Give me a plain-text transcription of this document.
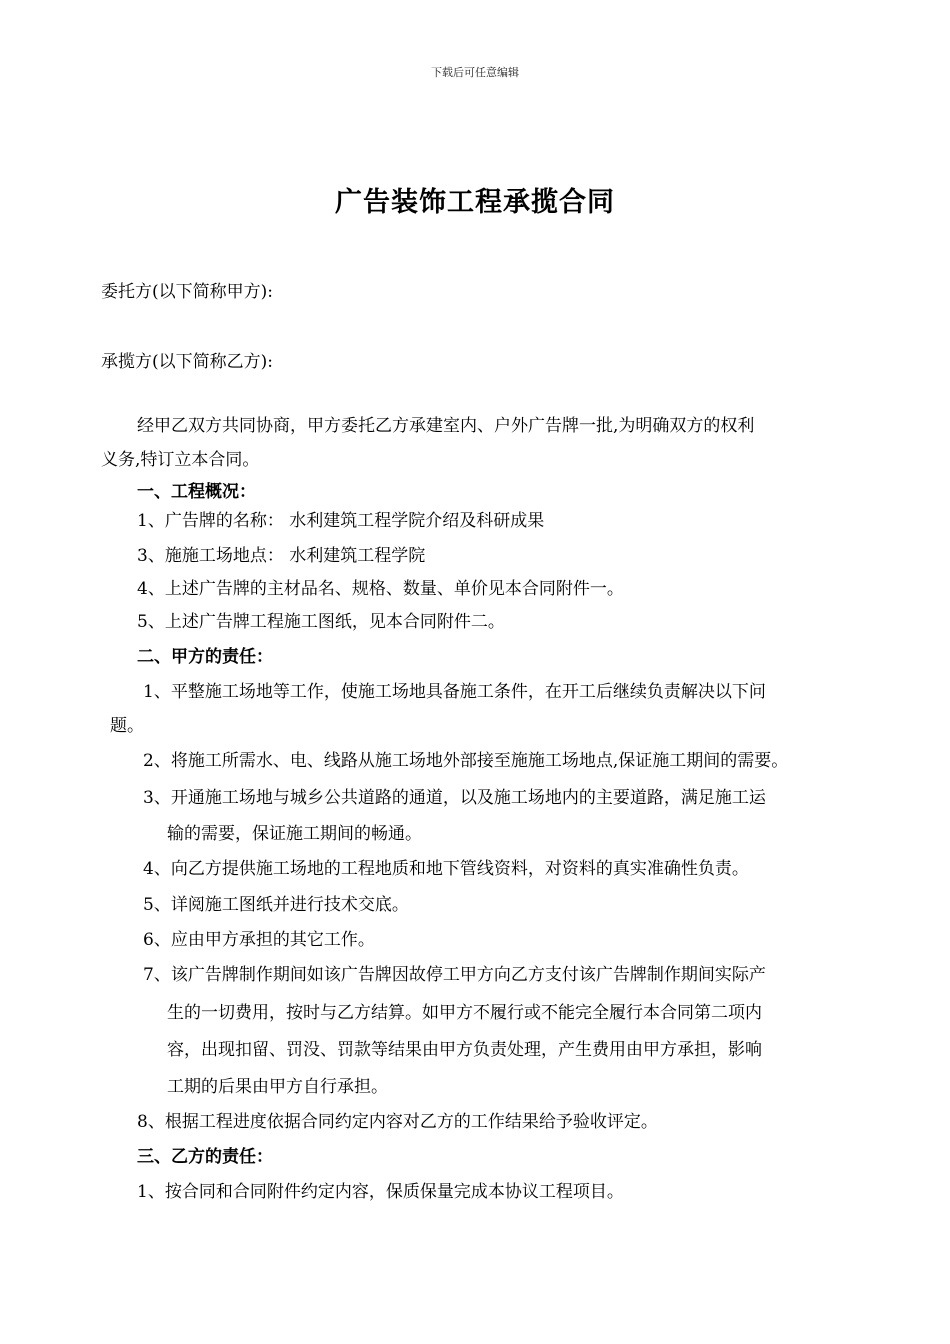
下载后可任意编辑
广告装饰工程承揽合同
委托方(以下简称甲方):
承揽方(以下简称乙方):
经甲乙双方共同协商，甲方委托乙方承建室内、户外广告牌一批,为明确双方的权利
义务,特订立本合同。
一、工程概况：
1、广告牌的名称： 水利建筑工程学院介绍及科研成果
3、施施工场地点： 水利建筑工程学院
4、上述广告牌的主材品名、规格、数量、单价见本合同附件一。
5、上述广告牌工程施工图纸，见本合同附件二。
二、甲方的责任：
1、平整施工场地等工作，使施工场地具备施工条件，在开工后继续负责解决以下问
题。
2、将施工所需水、电、线路从施工场地外部接至施施工场地点,保证施工期间的需要。
3、开通施工场地与城乡公共道路的通道，以及施工场地内的主要道路，满足施工运
输的需要，保证施工期间的畅通。
4、向乙方提供施工场地的工程地质和地下管线资料，对资料的真实准确性负责。
5、详阅施工图纸并进行技术交底。
6、应由甲方承担的其它工作。
7、该广告牌制作期间如该广告牌因故停工甲方向乙方支付该广告牌制作期间实际产
生的一切费用，按时与乙方结算。如甲方不履行或不能完全履行本合同第二项内
容，出现扣留、罚没、罚款等结果由甲方负责处理，产生费用由甲方承担，影响
工期的后果由甲方自行承担。
8、根据工程进度依据合同约定内容对乙方的工作结果给予验收评定。
三、乙方的责任：
1、按合同和合同附件约定内容，保质保量完成本协议工程项目。
